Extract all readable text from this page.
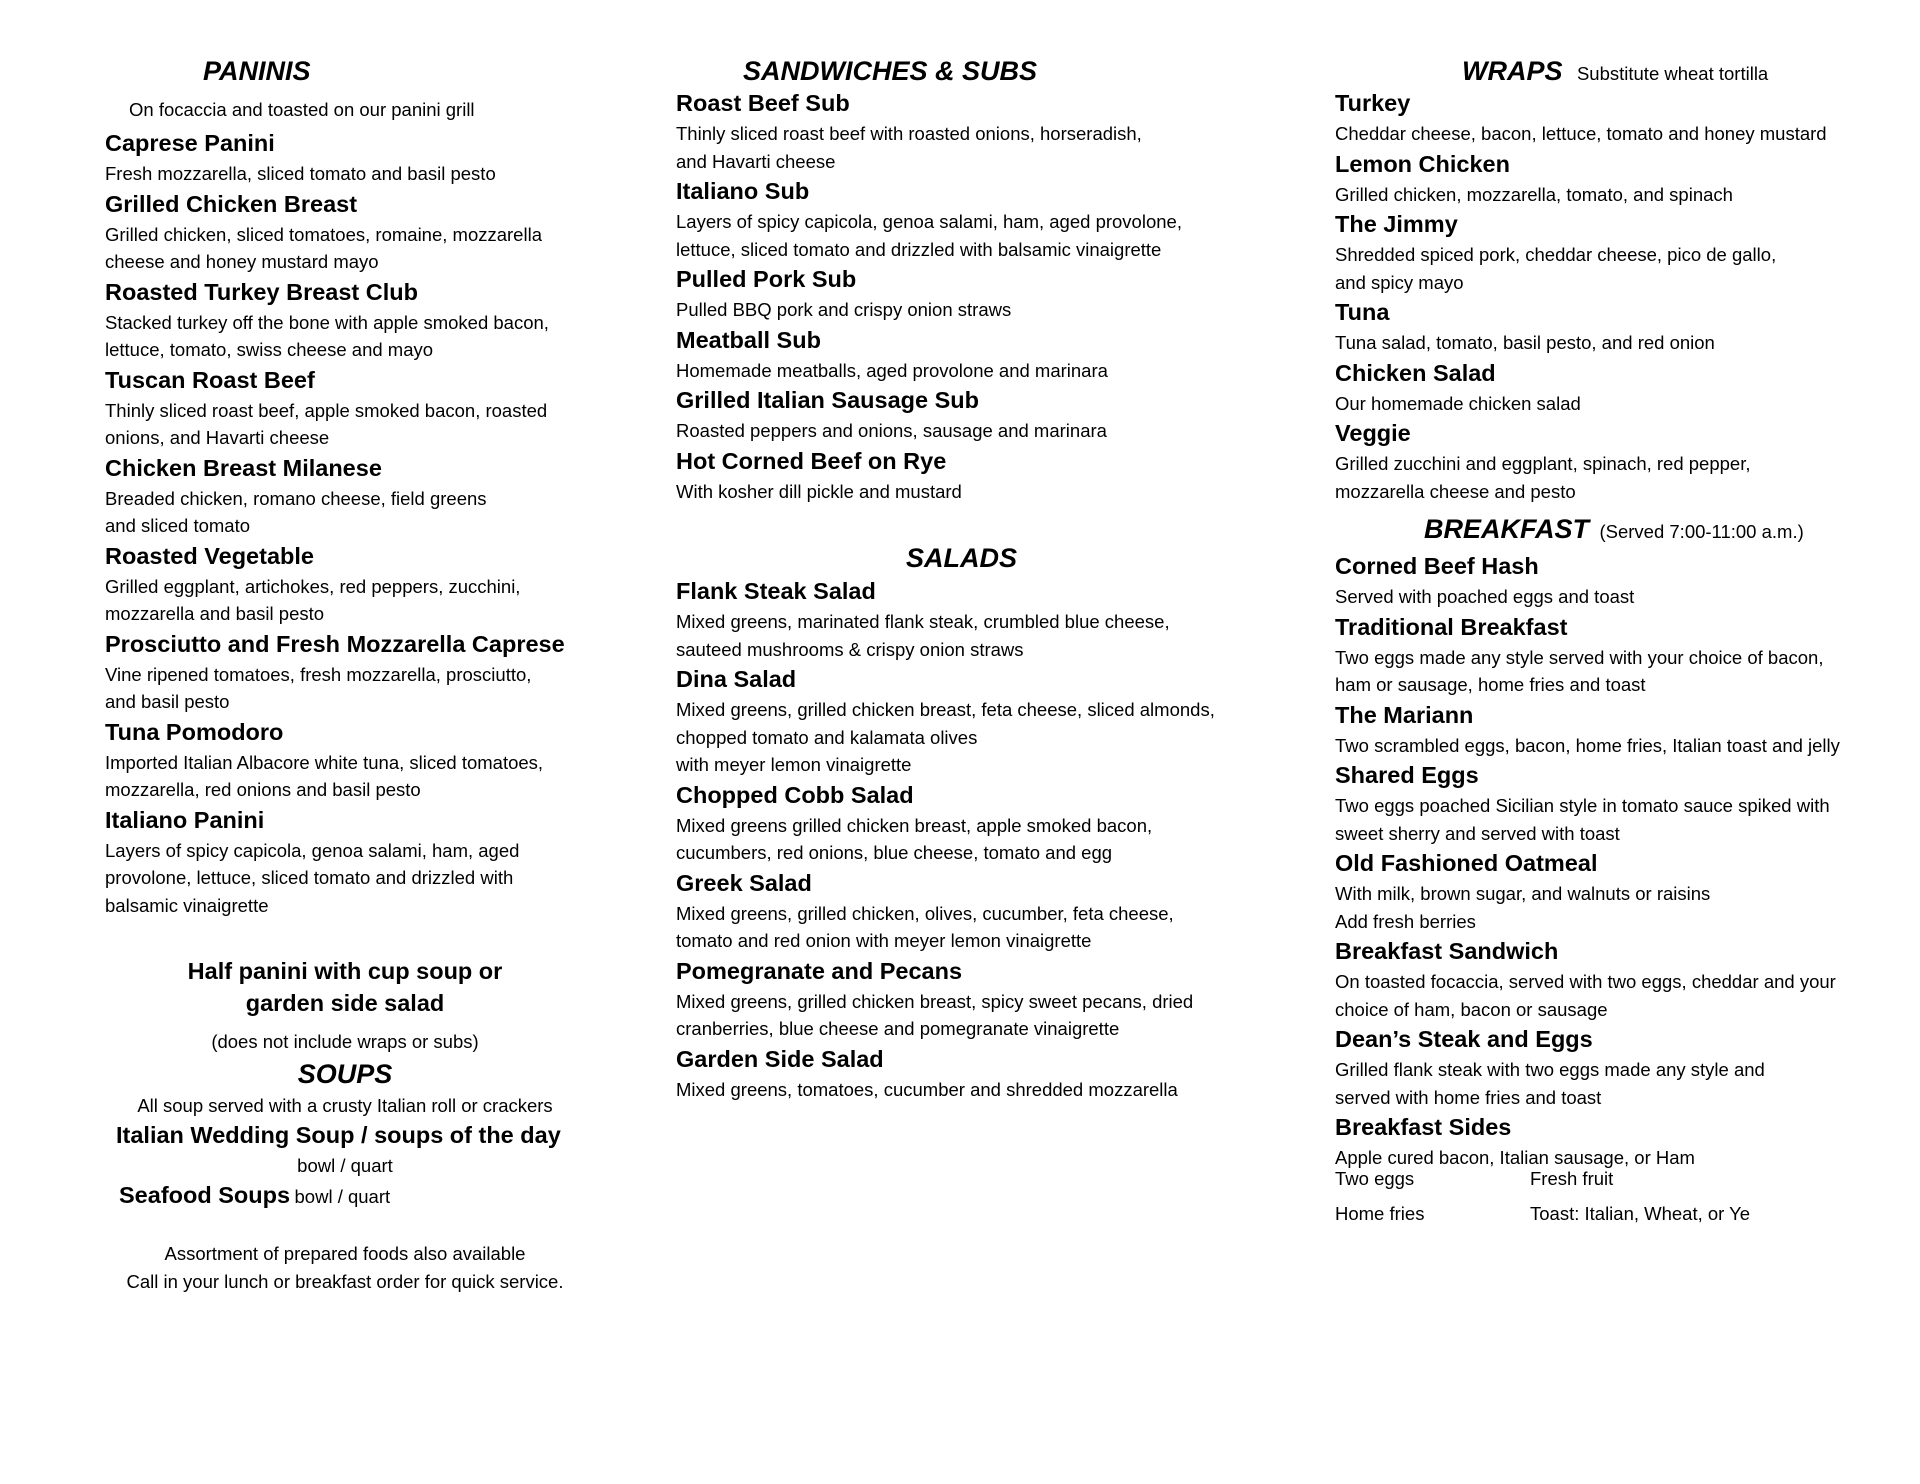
PANINIS
On focaccia and toasted on our panini grill
Caprese Panini
Fresh mozzarella, sliced tomato and basil pesto
Grilled Chicken Breast
Grilled chicken, sliced tomatoes, romaine, mozzarella
cheese and honey mustard mayo
Roasted Turkey Breast Club
Stacked turkey off the bone with apple smoked bacon,
lettuce, tomato, swiss cheese and mayo
Tuscan Roast Beef
Thinly sliced roast beef, apple smoked bacon, roasted
onions, and Havarti cheese
Chicken Breast Milanese
Breaded chicken, romano cheese, field greens
and sliced tomato
Roasted Vegetable
Grilled eggplant, artichokes, red peppers, zucchini,
mozzarella and basil pesto
Prosciutto and Fresh Mozzarella Caprese
Vine ripened tomatoes, fresh mozzarella, prosciutto,
and basil pesto
Tuna Pomodoro
Imported Italian Albacore white tuna, sliced tomatoes,
mozzarella, red onions and basil pesto
Italiano Panini
Layers of spicy capicola, genoa salami, ham, aged
provolone, lettuce, sliced tomato and drizzled with
balsamic vinaigrette
Half panini with cup soup or
garden side salad
(does not include wraps or subs)
SOUPS
All soup served with a crusty Italian roll or crackers
Italian Wedding Soup / soups of the day
bowl / quart
Seafood Soups bowl / quart
Assortment of prepared foods also available
Call in your lunch or breakfast order for quick service.
SANDWICHES & SUBS
Roast Beef Sub
Thinly sliced roast beef with roasted onions, horseradish,
and Havarti cheese
Italiano Sub
Layers of spicy capicola, genoa salami, ham, aged provolone,
lettuce, sliced tomato and drizzled with balsamic vinaigrette
Pulled Pork Sub
Pulled BBQ pork and crispy onion straws
Meatball Sub
Homemade meatballs, aged provolone and marinara
Grilled Italian Sausage Sub
Roasted peppers and onions, sausage and marinara
Hot Corned Beef on Rye
With kosher dill pickle and mustard
SALADS
Flank Steak Salad
Mixed greens, marinated flank steak, crumbled blue cheese,
sauteed mushrooms & crispy onion straws
Dina Salad
Mixed greens, grilled chicken breast, feta cheese, sliced almonds,
chopped tomato and kalamata olives
with meyer lemon vinaigrette
Chopped Cobb Salad
Mixed greens grilled chicken breast, apple smoked bacon,
cucumbers, red onions, blue cheese, tomato and egg
Greek Salad
Mixed greens, grilled chicken, olives, cucumber, feta cheese,
tomato and red onion with meyer lemon vinaigrette
Pomegranate and Pecans
Mixed greens, grilled chicken breast, spicy sweet pecans, dried
cranberries, blue cheese and pomegranate vinaigrette
Garden Side Salad
Mixed greens, tomatoes, cucumber and shredded mozzarella
WRAPS Substitute wheat tortilla
Turkey
Cheddar cheese, bacon, lettuce, tomato and honey mustard
Lemon Chicken
Grilled chicken, mozzarella, tomato, and spinach
The Jimmy
Shredded spiced pork, cheddar cheese, pico de gallo,
and spicy mayo
Tuna
Tuna salad, tomato, basil pesto, and red onion
Chicken Salad
Our homemade chicken salad
Veggie
Grilled zucchini and eggplant, spinach, red pepper,
mozzarella cheese and pesto
BREAKFAST (Served 7:00-11:00 a.m.)
Corned Beef Hash
Served with poached eggs and toast
Traditional Breakfast
Two eggs made any style served with your choice of bacon,
ham or sausage, home fries and toast
The Mariann
Two scrambled eggs, bacon, home fries, Italian toast and jelly
Shared Eggs
Two eggs poached Sicilian style in tomato sauce spiked with
sweet sherry and served with toast
Old Fashioned Oatmeal
With milk, brown sugar, and walnuts or raisins
Add fresh berries
Breakfast Sandwich
On toasted focaccia, served with two eggs, cheddar and your
choice of ham, bacon or sausage
Dean’s Steak and Eggs
Grilled flank steak with two eggs made any style and
served with home fries and toast
Breakfast Sides
Apple cured bacon, Italian sausage, or Ham
Two eggs	Fresh fruit
Home fries	Toast: Italian, Wheat, or Ye
